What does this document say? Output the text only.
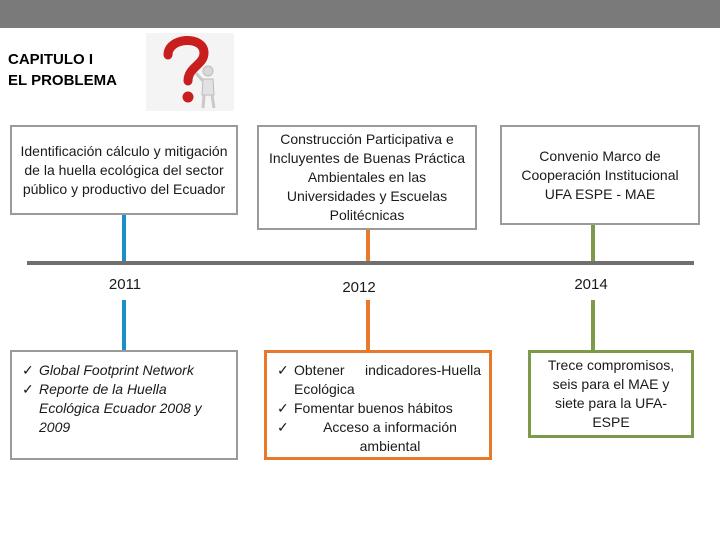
CAPITULO I
EL PROBLEMA
Identificación cálculo y mitigación de la huella ecológica del sector público y productivo del Ecuador
2011
✓ Global Footprint Network
✓ Reporte de la Huella Ecológica Ecuador 2008 y 2009
Construcción Participativa e Incluyentes de Buenas Práctica Ambientales en las Universidades y Escuelas Politécnicas
2012
✓ Obtener indicadores-Huella Ecológica
✓ Fomentar buenos hábitos
✓ Acceso a información ambiental
Convenio Marco de Cooperación Institucional UFA ESPE - MAE
2014
Trece compromisos, seis para el MAE y siete para la UFA-ESPE
